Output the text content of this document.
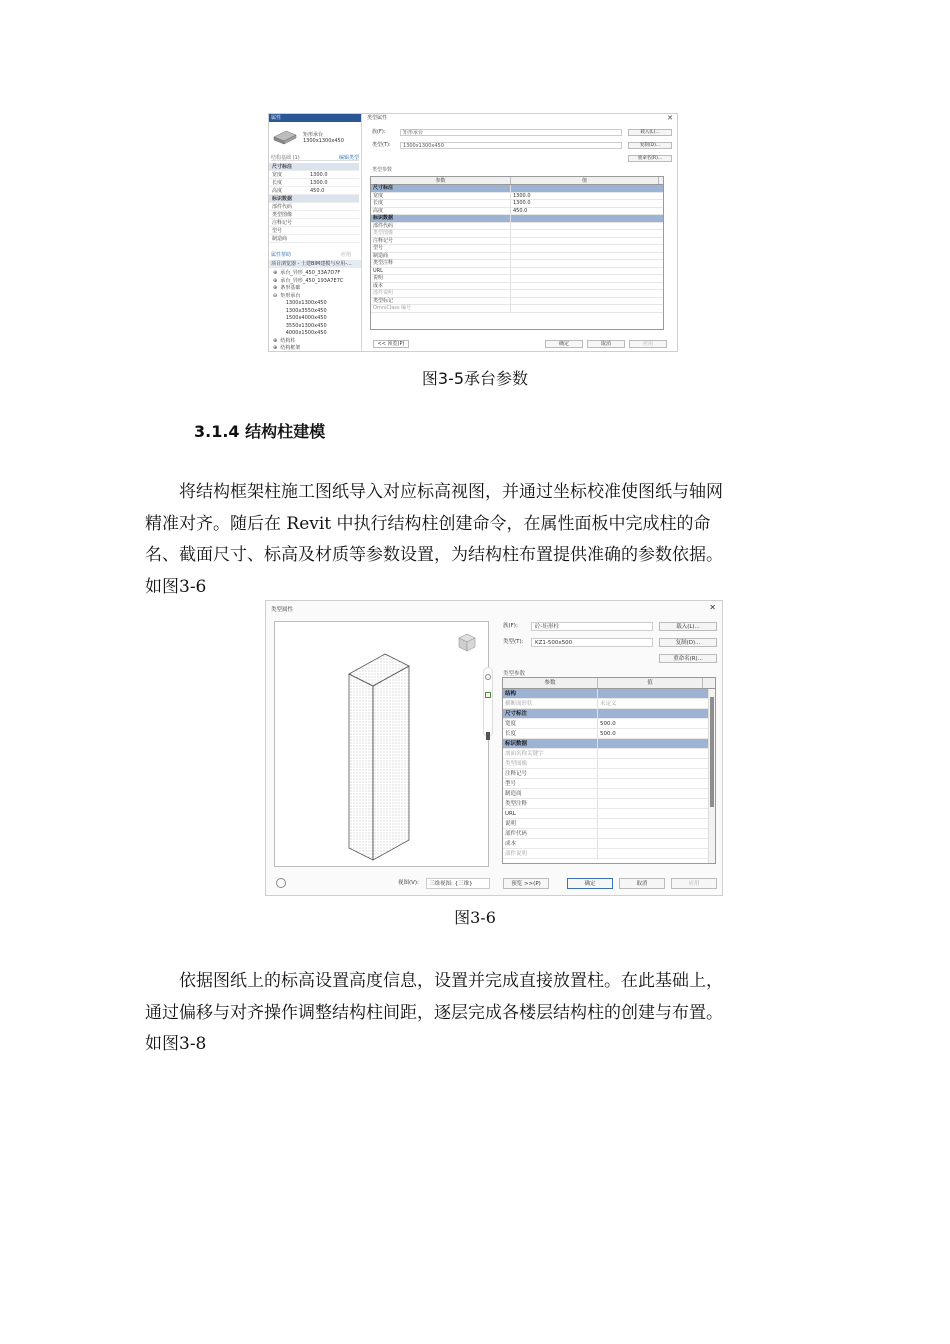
属性
矩形承台
1300x1300x450
结构基础 (1)	编辑类型
尺寸标注
宽度	1300.0
长度	1300.0
高度	450.0
标识数据
部件代码
类型图像
注释记号
型号
制造商
属性帮助	应用
项目浏览器 - 土建BIM建模与应用-...
⊕  承台_异形_450_33A7D7F
⊕  承台_异形_450_193A7E7C
⊕  条形基础
⊖  矩形承台
1300x1300x450
1300x3550x450
1500x4000x450
3550x1300x450
4000x1500x450
⊕  结构柱
⊕  结构框架
类型属性	✕
族(F):	矩形承台
类型(T):	1300x1300x450
载入(L)...
复制(D)...
重命名(R)...
类型参数
参数	值
尺寸标注
宽度	1300.0
长度	1300.0
高度	450.0
标识数据
部件代码
类型图像
注释记号
型号
制造商
类型注释
URL
说明
成本
部件说明
类型标记
OmniClass 编号
<< 预览(P)	确定	取消	应用
图3-5承台参数
3.1.4 结构柱建模

将结构框架柱施工图纸导入对应标高视图，并通过坐标校准使图纸与轴网

精准对齐。随后在 Revit 中执行结构柱创建命令，在属性面板中完成柱的命

名、截面尺寸、标高及材质等参数设置，为结构柱布置提供准确的参数依据。

如图3-6

类型属性	✕
族(F):	砼-矩形柱
类型(T):	KZ1-500x500
载入(L)...
复制(D)...
重命名(R)...
类型参数
参数	值
结构
横断面形状	未定义
尺寸标注
宽度	500.0
长度	500.0
标识数据
剖面名称关键字
类型图像
注释记号
型号
制造商
类型注释
URL
说明
部件代码
成本
部件说明
视图(V):	三维视图: {三维}	预览 >>(P)	确定	取消	应用
图3-6

依据图纸上的标高设置高度信息，设置并完成直接放置柱。在此基础上，

通过偏移与对齐操作调整结构柱间距，逐层完成各楼层结构柱的创建与布置。

如图3-8
